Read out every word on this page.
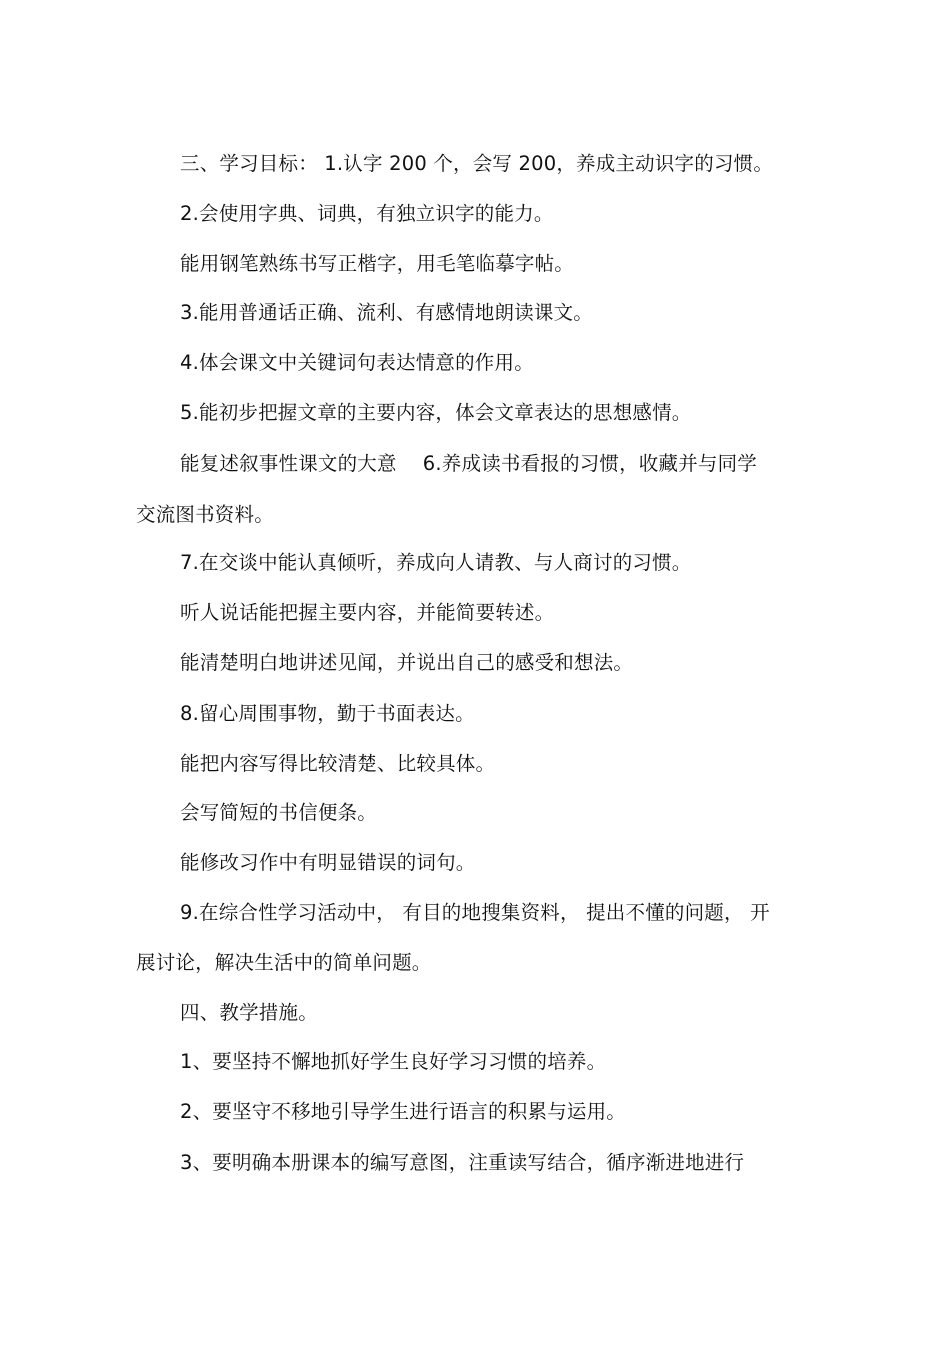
三、学习目标： 1.认字 200 个，会写 200，养成主动识字的习惯。
2.会使用字典、词典，有独立识字的能力。
能用钢笔熟练书写正楷字，用毛笔临摹字帖。
3.能用普通话正确、流利、有感情地朗读课文。
4.体会课文中关键词句表达情意的作用。
5.能初步把握文章的主要内容，体会文章表达的思想感情。
能复述叙事性课文的大意　 6.养成读书看报的习惯，收藏并与同学
交流图书资料。
7.在交谈中能认真倾听，养成向人请教、与人商讨的习惯。
听人说话能把握主要内容，并能简要转述。
能清楚明白地讲述见闻，并说出自己的感受和想法。
8.留心周围事物，勤于书面表达。
能把内容写得比较清楚、比较具体。
会写简短的书信便条。
能修改习作中有明显错误的词句。
9.在综合性学习活动中， 有目的地搜集资料， 提出不懂的问题， 开
展讨论，解决生活中的简单问题。
四、教学措施。
1、要坚持不懈地抓好学生良好学习习惯的培养。
2、要坚守不移地引导学生进行语言的积累与运用。
3、要明确本册课本的编写意图，注重读写结合，循序渐进地进行
